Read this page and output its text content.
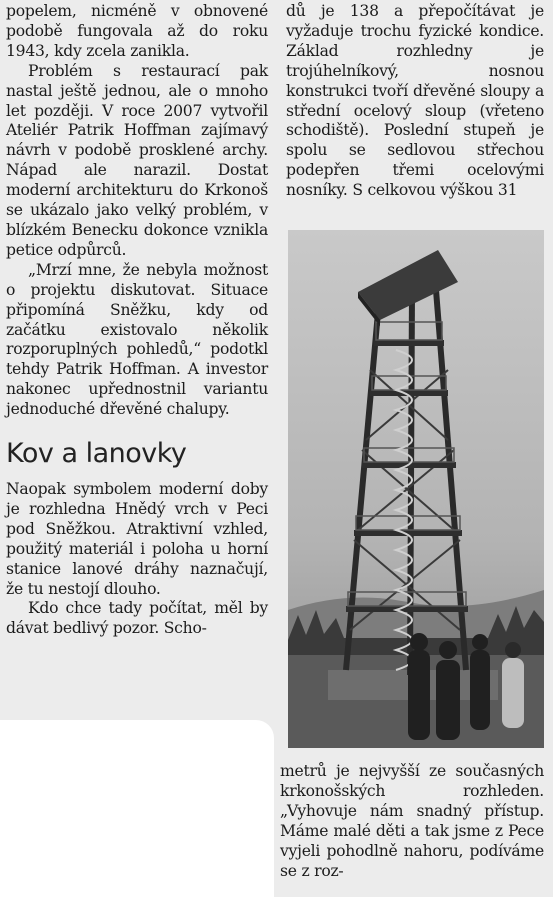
popelem, nicméně v obnovené podobě fungovala až do roku 1943, kdy zcela zanikla.

Problém s restaurací pak nastal ještě jednou, ale o mnoho let později. V roce 2007 vytvořil Ateliér Patrik Hoffman zajímavý návrh v podobě prosklené archy. Nápad ale narazil. Dostat moderní architekturu do Krkonoš se ukázalo jako velký problém, v blízkém Benecku dokonce vznikla petice odpůrců.

„Mrzí mne, že nebyla možnost o projektu diskutovat. Situace připomíná Sněžku, kdy od začátku existovalo několik rozporuplných pohledů,“ podotkl tehdy Patrik Hoffman. A investor nakonec upřednostnil variantu jednoduché dřevěné chalupy.

Kov a lanovky

Naopak symbolem moderní doby je rozhledna Hnědý vrch v Peci pod Sněžkou. Atraktivní vzhled, použitý materiál i poloha u horní stanice lanové dráhy naznačují, že tu nestojí dlouho.

Kdo chce tady počítat, měl by dávat bedlivý pozor. Scho-

dů je 138 a přepočítávat je vyžaduje trochu fyzické kondice. Základ rozhledny je trojúhelníkový, nosnou konstrukci tvoří dřevěné sloupy a střední ocelový sloup (vřeteno schodiště). Poslední stupeň je spolu se sedlovou střechou podepřen třemi ocelovými nosníky. S celkovou výškou 31

metrů je nejvyšší ze současných krkonošských rozhleden. „Vyhovuje nám snadný přístup. Máme malé děti a tak jsme z Pece vyjeli pohodlně nahoru, podíváme se z roz-
